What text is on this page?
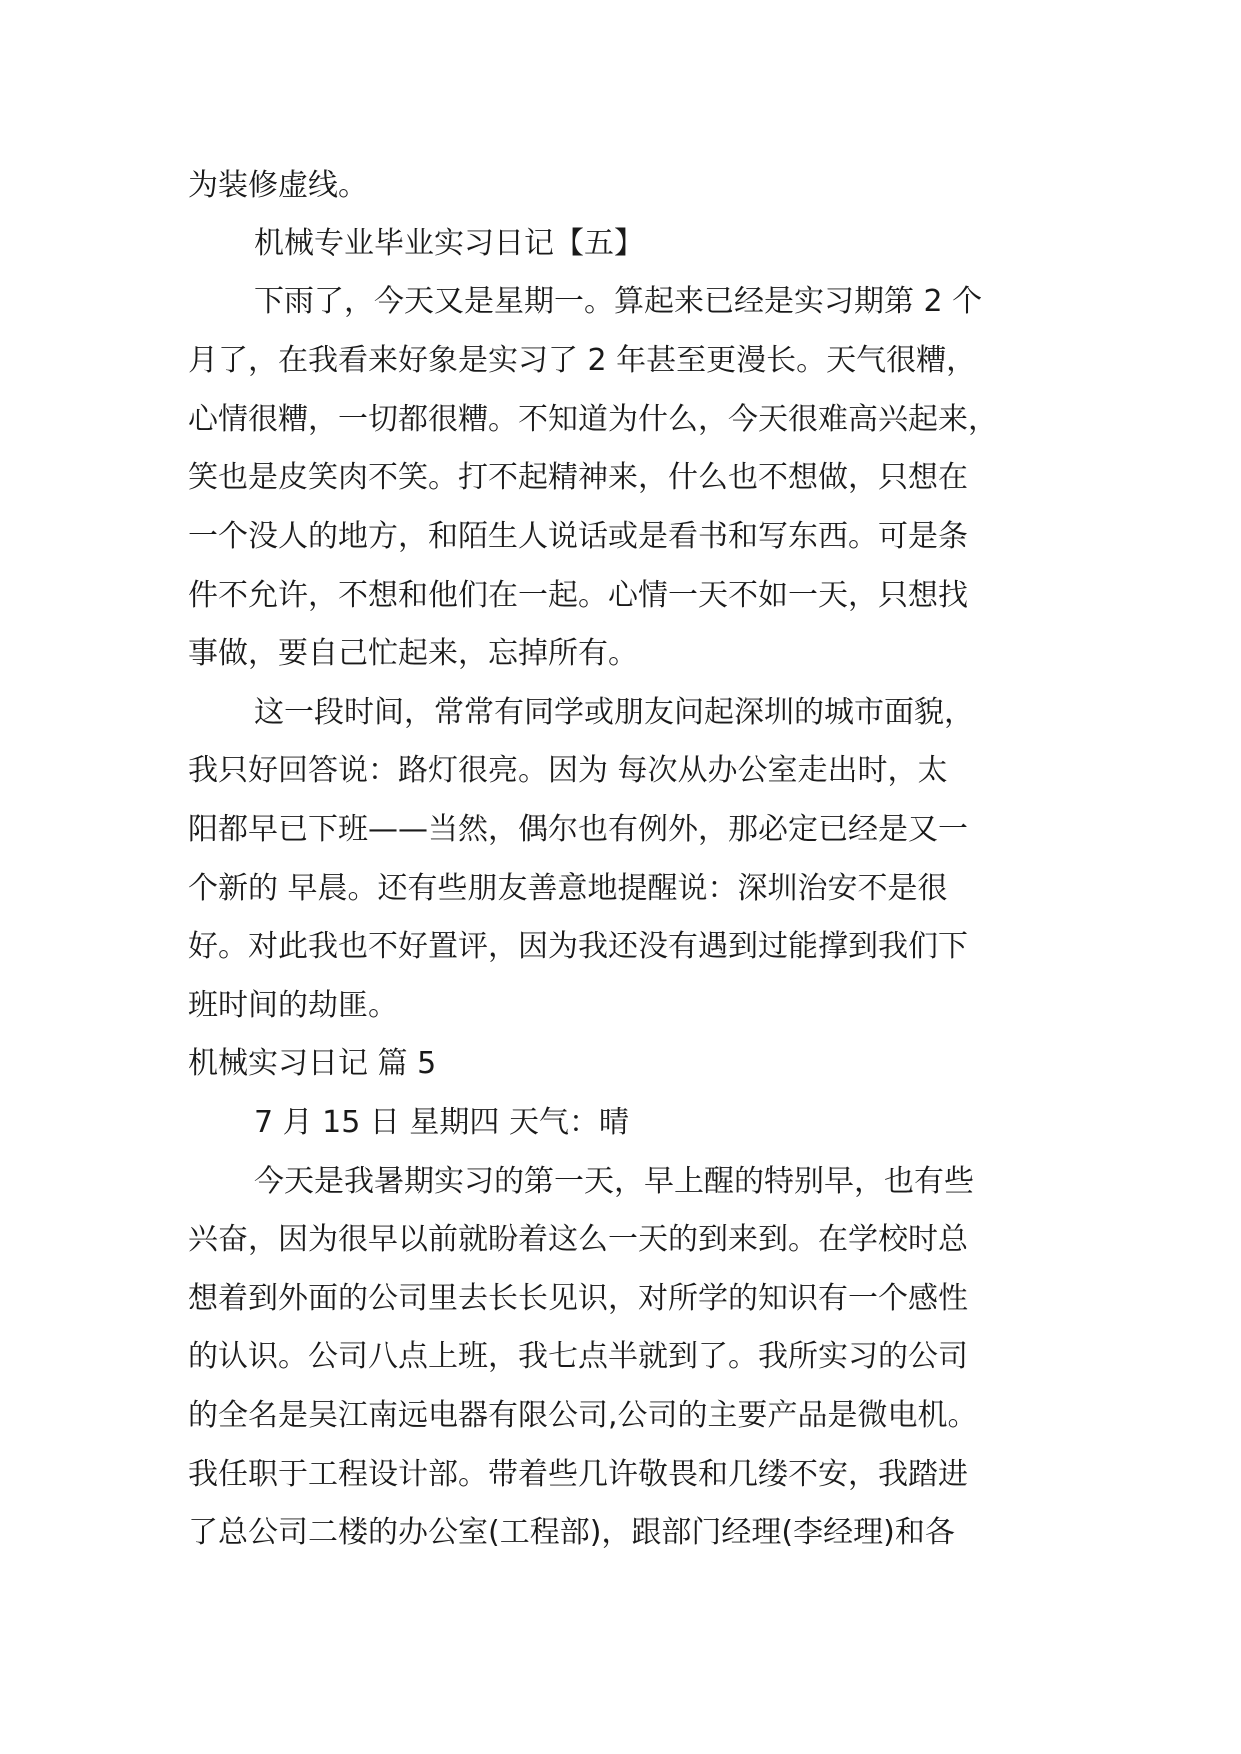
为装修虚线。
机械专业毕业实习日记【五】
下雨了，今天又是星期一。算起来已经是实习期第 2 个
月了，在我看来好象是实习了 2 年甚至更漫长。天气很糟，
心情很糟，一切都很糟。不知道为什么，今天很难高兴起来，
笑也是皮笑肉不笑。打不起精神来，什么也不想做，只想在
一个没人的地方，和陌生人说话或是看书和写东西。可是条
件不允许，不想和他们在一起。心情一天不如一天，只想找
事做，要自己忙起来，忘掉所有。
这一段时间，常常有同学或朋友问起深圳的城市面貌，
我只好回答说：路灯很亮。因为 每次从办公室走出时，太
阳都早已下班——当然，偶尔也有例外，那必定已经是又一
个新的 早晨。还有些朋友善意地提醒说：深圳治安不是很
好。对此我也不好置评，因为我还没有遇到过能撑到我们下
班时间的劫匪。
机械实习日记 篇 5
7 月 15 日 星期四 天气：晴
今天是我暑期实习的第一天，早上醒的特别早，也有些
兴奋，因为很早以前就盼着这么一天的到来到。在学校时总
想着到外面的公司里去长长见识，对所学的知识有一个感性
的认识。公司八点上班，我七点半就到了。我所实习的公司
的全名是吴江南远电器有限公司,公司的主要产品是微电机。
我任职于工程设计部。带着些几许敬畏和几缕不安，我踏进
了总公司二楼的办公室(工程部)，跟部门经理(李经理)和各
